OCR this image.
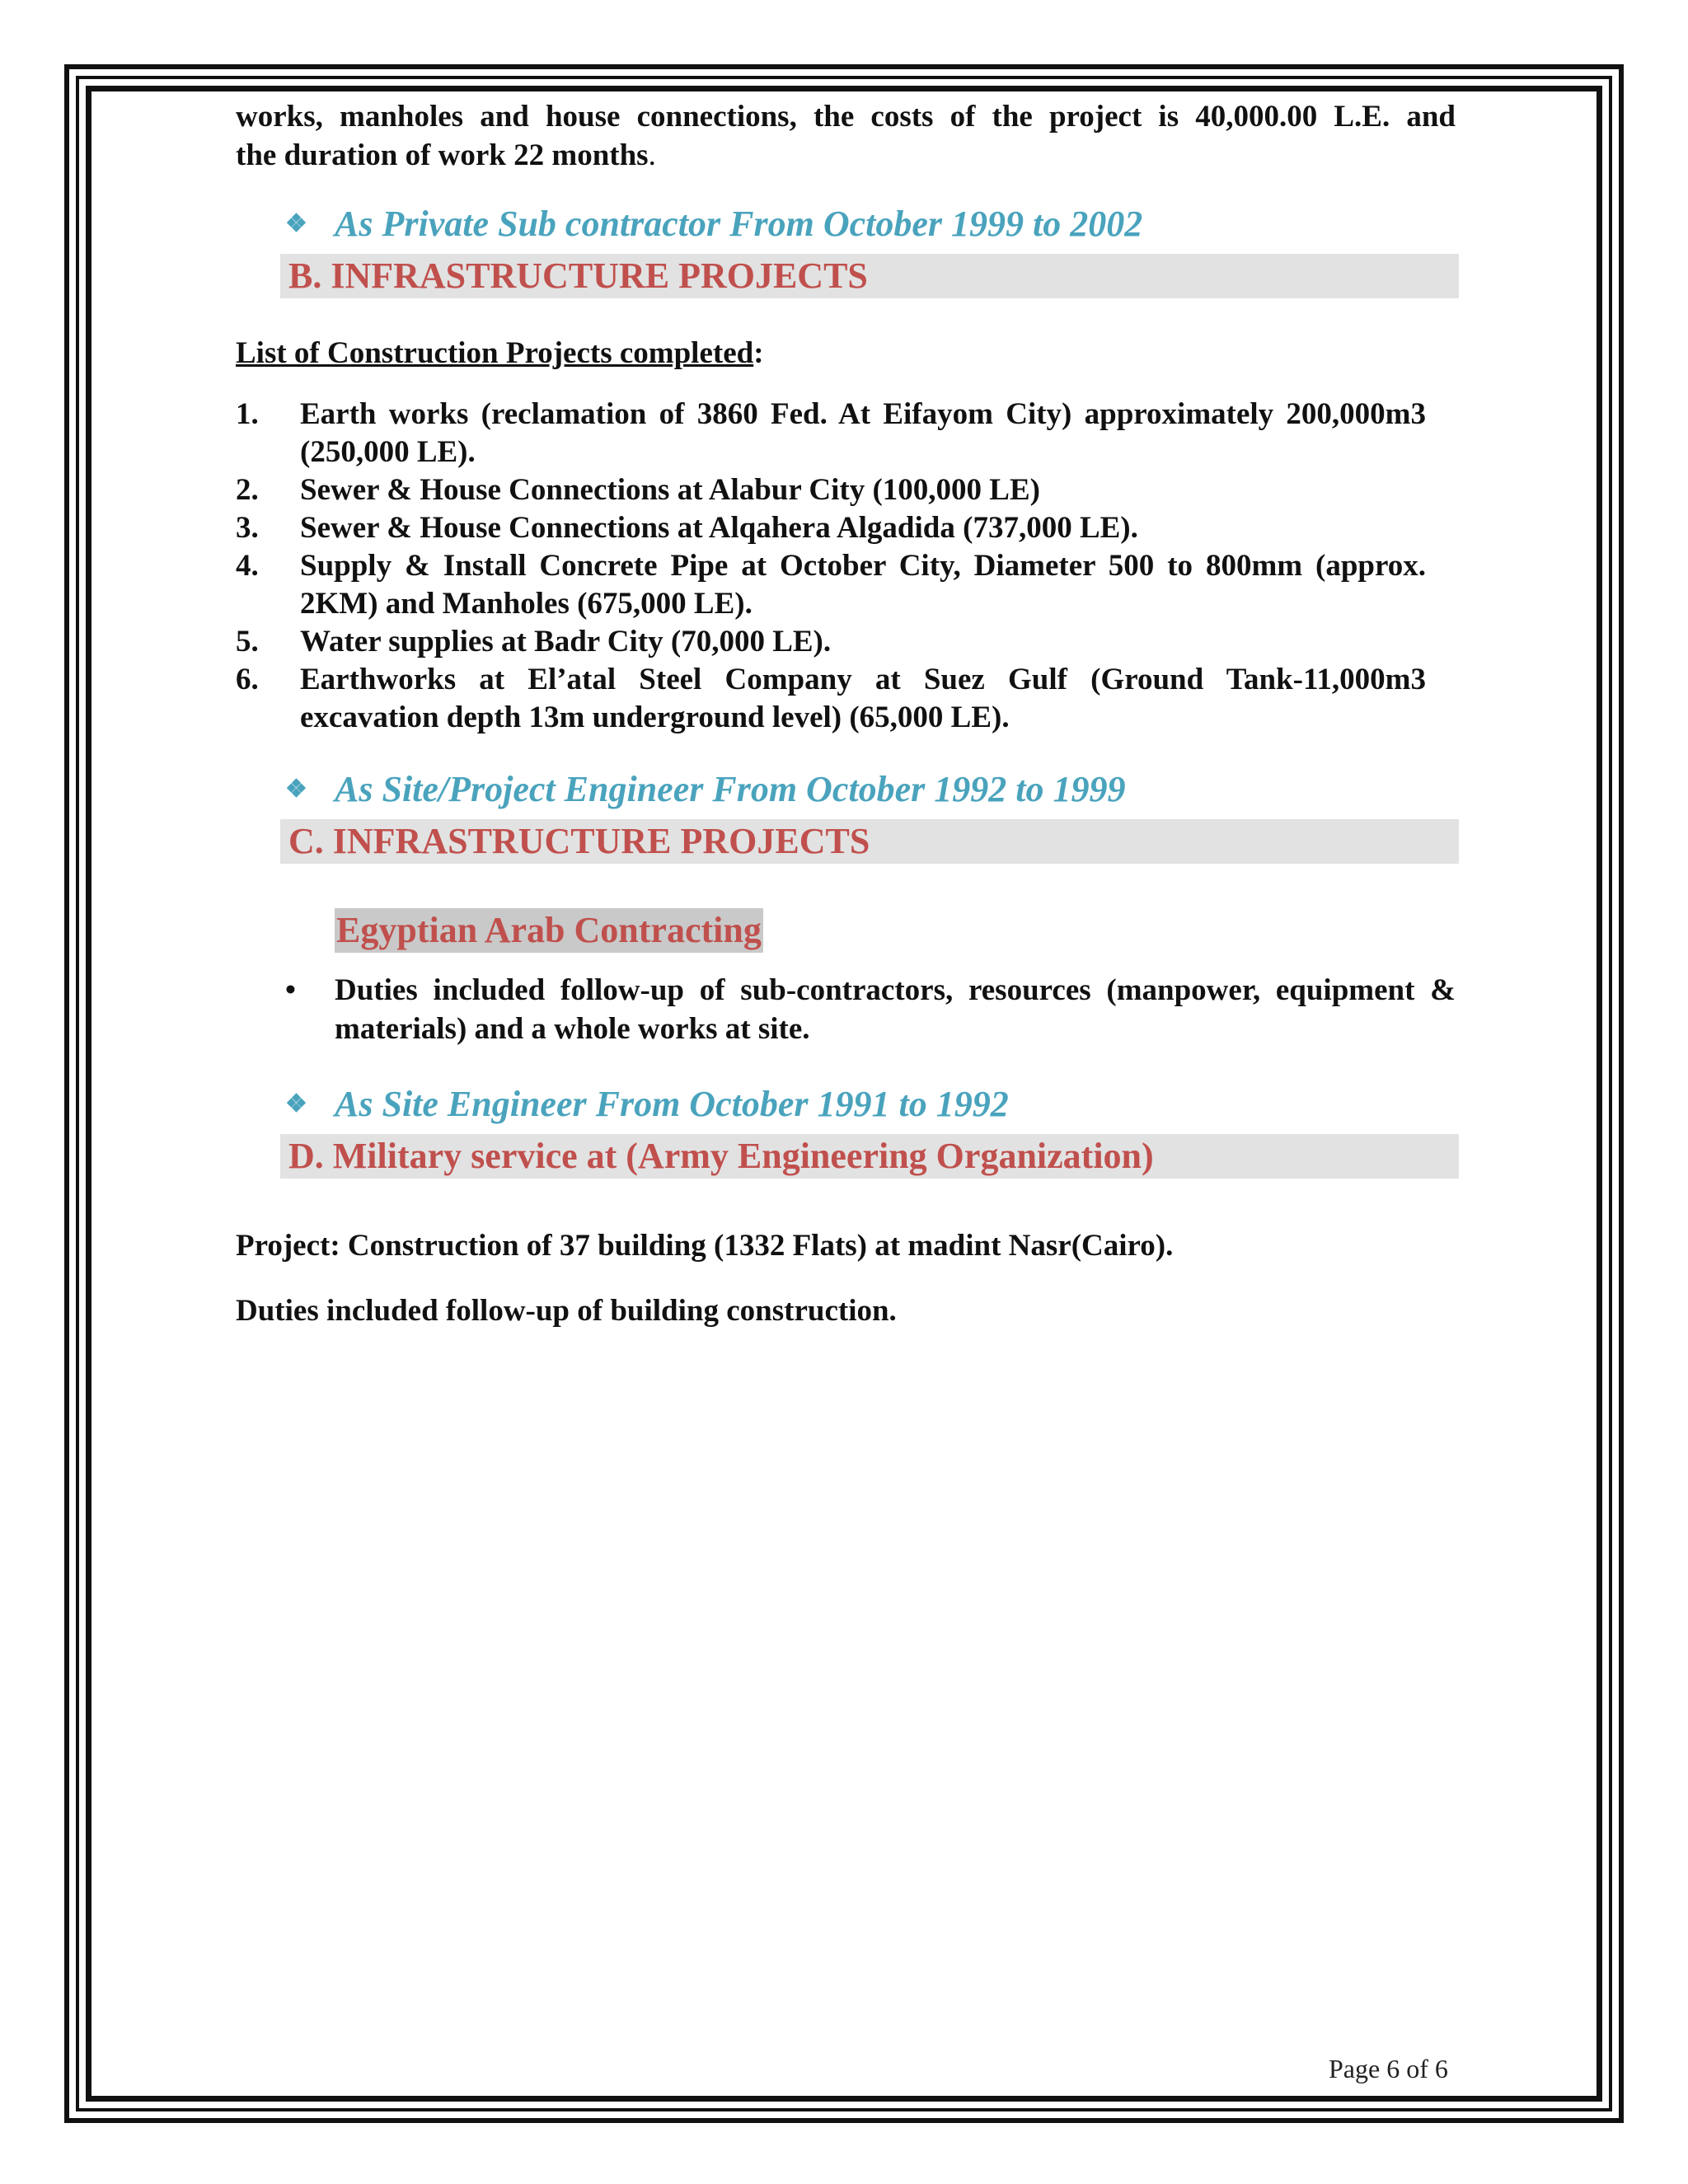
works, manholes and house connections, the costs of the project is 40,000.00 L.E. and

the duration of work 22 months.

❖ As Private Sub contractor From October 1999 to 2002

B. INFRASTRUCTURE PROJECTS

List of Construction Projects completed:

1. Earth works (reclamation of 3860 Fed. At Eifayom City) approximately 200,000m3 (250,000 LE).
2. Sewer & House Connections at Alabur City (100,000 LE)
3. Sewer & House Connections at Alqahera Algadida (737,000 LE).
4. Supply & Install Concrete Pipe at October City, Diameter 500 to 800mm (approx. 2KM) and Manholes (675,000 LE).
5. Water supplies at Badr City (70,000 LE).
6. Earthworks at El’atal Steel Company at Suez Gulf (Ground Tank-11,000m3 excavation depth 13m underground level) (65,000 LE).

❖ As Site/Project Engineer From October 1992 to 1999

C. INFRASTRUCTURE PROJECTS
Egyptian Arab Contracting

• Duties included follow-up of sub-contractors, resources (manpower, equipment & materials) and a whole works at site.

❖ As Site Engineer From October 1991 to 1992

D. Military service at (Army Engineering Organization)

Project: Construction of 37 building (1332 Flats) at madint Nasr(Cairo).

Duties included follow-up of building construction.

Page 6 of 6
